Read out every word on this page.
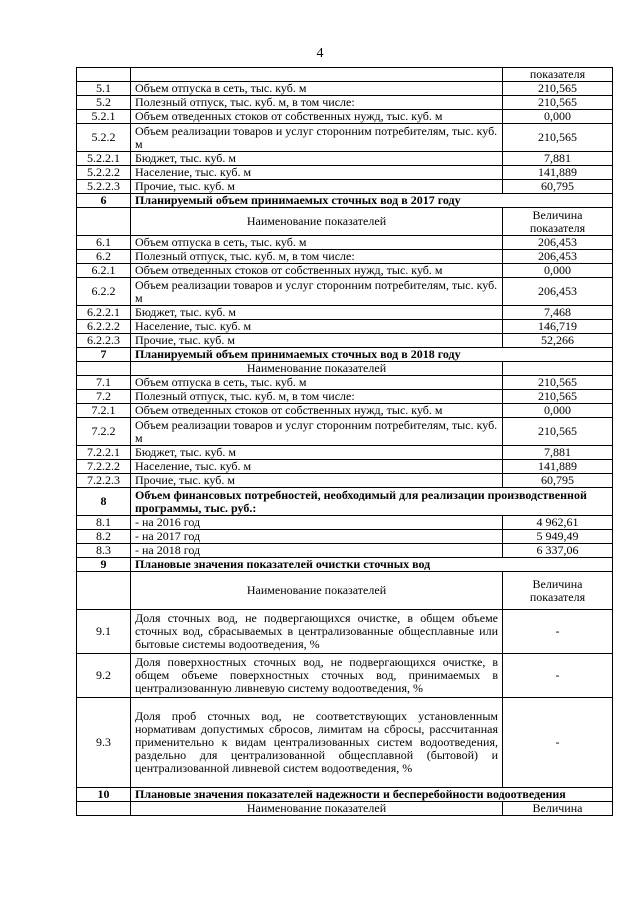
4
		показателя
5.1	Объем отпуска в сеть, тыс. куб. м	210,565
5.2	Полезный отпуск, тыс. куб. м, в том числе:	210,565
5.2.1	Объем отведенных стоков от собственных нужд, тыс. куб. м	0,000
5.2.2	Объем реализации товаров и услуг сторонним потребителям, тыс. куб. м	210,565
5.2.2.1	Бюджет, тыс. куб. м	7,881
5.2.2.2	Население, тыс. куб. м	141,889
5.2.2.3	Прочие, тыс. куб. м	60,795
6	Планируемый объем принимаемых сточных вод в 2017 году	
	Наименование показателей	Величина показателя
6.1	Объем отпуска в сеть, тыс. куб. м	206,453
6.2	Полезный отпуск, тыс. куб. м, в том числе:	206,453
6.2.1	Объем отведенных стоков от собственных нужд, тыс. куб. м	0,000
6.2.2	Объем реализации товаров и услуг сторонним потребителям, тыс. куб. м	206,453
6.2.2.1	Бюджет, тыс. куб. м	7,468
6.2.2.2	Население, тыс. куб. м	146,719
6.2.2.3	Прочие, тыс. куб. м	52,266
7	Планируемый объем принимаемых сточных вод в 2018 году	
	Наименование показателей	
7.1	Объем отпуска в сеть, тыс. куб. м	210,565
7.2	Полезный отпуск, тыс. куб. м, в том числе:	210,565
7.2.1	Объем отведенных стоков от собственных нужд, тыс. куб. м	0,000
7.2.2	Объем реализации товаров и услуг сторонним потребителям, тыс. куб. м	210,565
7.2.2.1	Бюджет, тыс. куб. м	7,881
7.2.2.2	Население, тыс. куб. м	141,889
7.2.2.3	Прочие, тыс. куб. м	60,795
8	Объем финансовых потребностей, необходимый для реализации производственной программы, тыс. руб.:	
8.1	- на 2016 год	4 962,61
8.2	- на 2017 год	5 949,49
8.3	- на 2018 год	6 337,06
9	Плановые значения показателей очистки сточных вод	
	Наименование показателей	Величина показателя
9.1	Доля сточных вод, не подвергающихся очистке, в общем объеме сточных вод, сбрасываемых в централизованные общесплавные или бытовые системы водоотведения, %	-
9.2	Доля поверхностных сточных вод, не подвергающихся очистке, в общем объеме поверхностных сточных вод, принимаемых в централизованную ливневую систему водоотведения, %	-
9.3	Доля проб сточных вод, не соответствующих установленным нормативам допустимых сбросов, лимитам на сбросы, рассчитанная применительно к видам централизованных систем водоотведения, раздельно для централизованной общесплавной (бытовой) и централизованной ливневой систем водоотведения, %	-
10	Плановые значения показателей надежности и бесперебойности водоотведения	
	Наименование показателей	Величина
